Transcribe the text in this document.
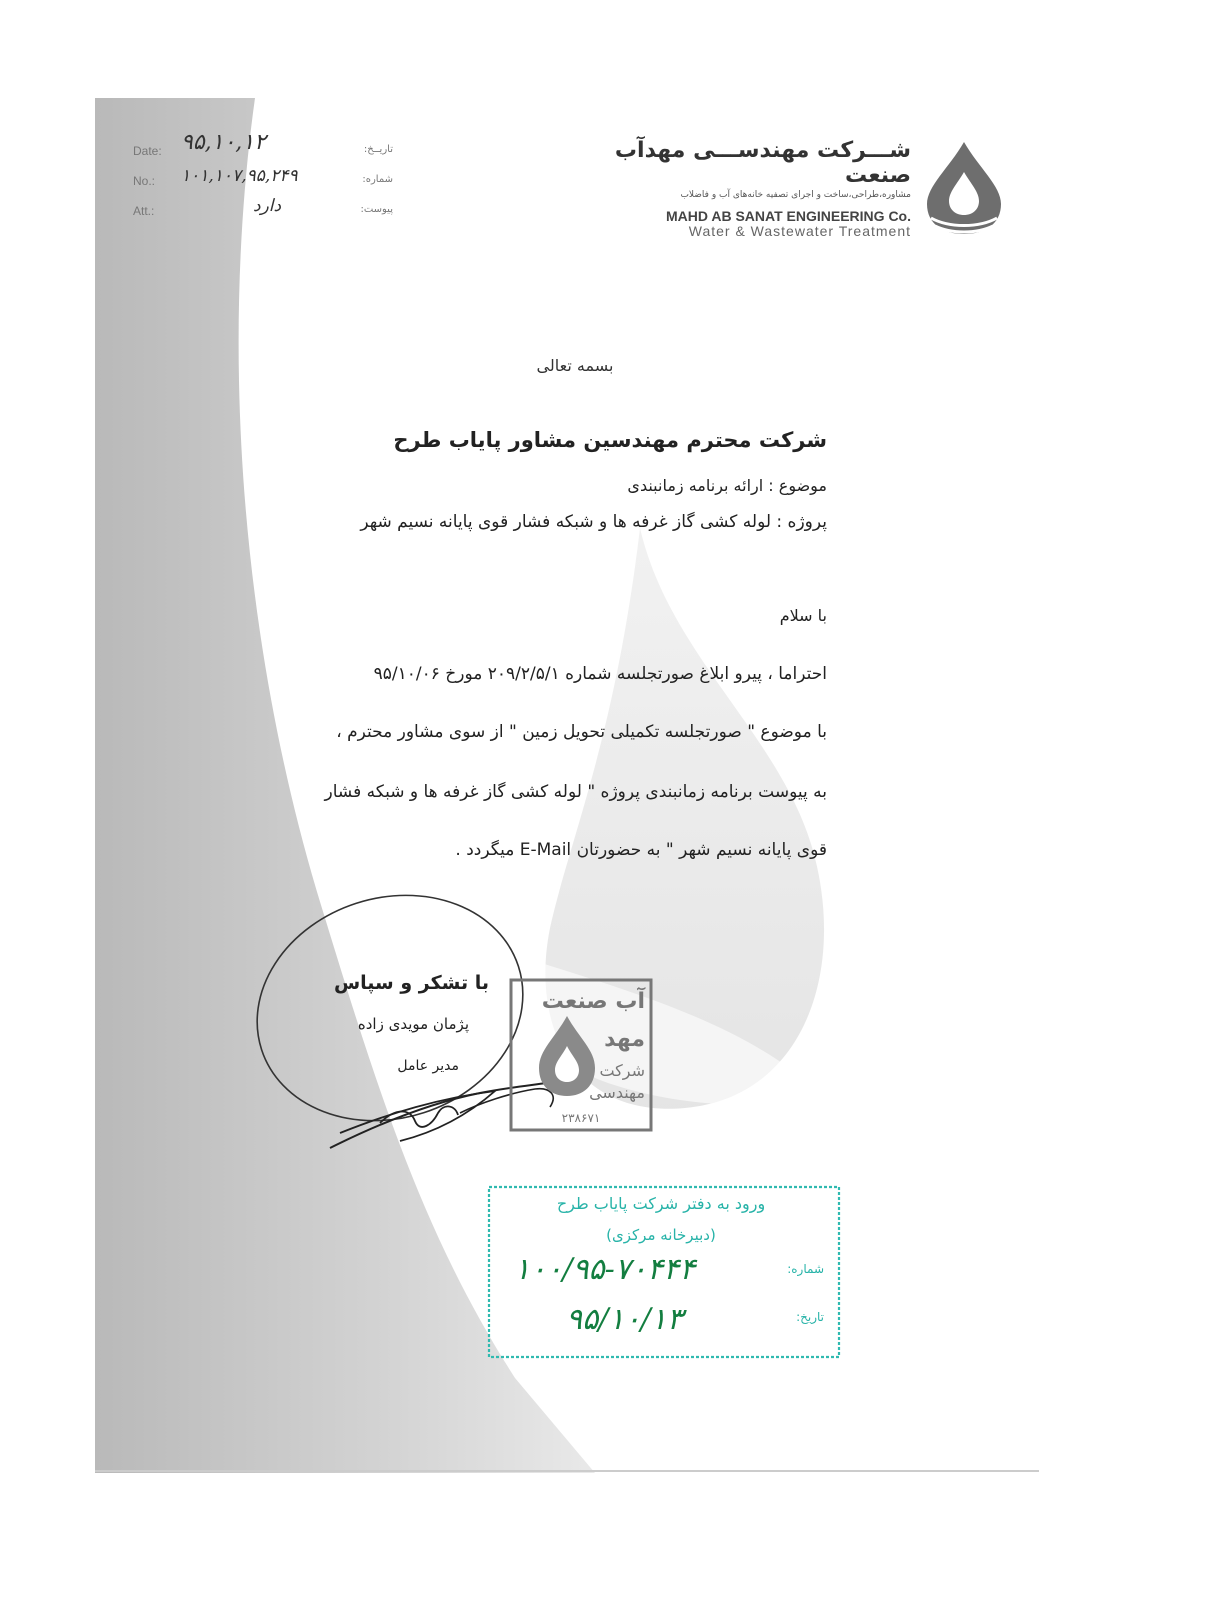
Date: ۹۵,۱۰,۱۲	تاریــخ:
No.: ۱۰۱,۱۰۷,۹۵,۲۴۹	شماره:
Att.:	دارد	پیوست:
شـــرکت مهندســـی مهدآب صنعت
مشاوره،طراحی،ساخت و اجرای تصفیه خانه‌های آب و فاضلاب
MAHD AB SANAT ENGINEERING Co.
Water & Wastewater Treatment
بسمه تعالی
شرکت محترم مهندسین مشاور پایاب طرح
موضوع : ارائه برنامه زمانبندی
پروژه : لوله کشی گاز غرفه ها و شبکه فشار قوی پایانه نسیم شهر
با سلام
احتراما ، پیرو ابلاغ صورتجلسه شماره ۲۰۹/۲/۵/۱ مورخ ۹۵/۱۰/۰۶
با موضوع " صورتجلسه تکمیلی تحویل زمین " از سوی مشاور محترم ،
به پیوست برنامه زمانبندی پروژه " لوله کشی گاز غرفه ها و شبکه فشار
قوی پایانه نسیم شهر " به حضورتان E-Mail میگردد .
با تشکر و سپاس
پژمان مویدی زاده
مدیر عامل
آب صنعت
مهد
شرکت
مهندسی
۲۳۸۶۷۱
ورود به دفتر شرکت پایاب طرح
(دبیرخانه مرکزی)
شماره:
۱۰۰/۹۵-۷۰۴۴۴
تاریخ:
۹۵/۱۰/۱۳
